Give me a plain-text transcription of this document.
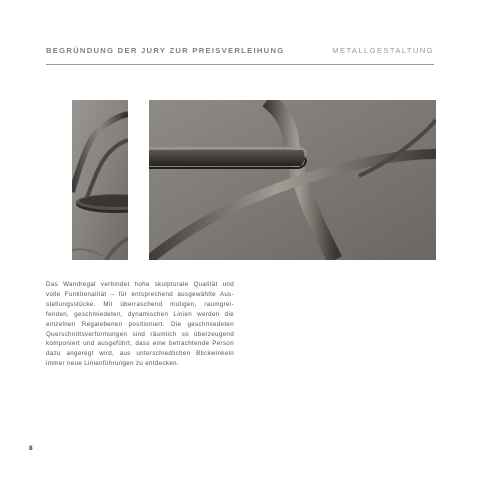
BEGRÜNDUNG DER JURY ZUR PREISVERLEIHUNG	METALLGESTALTUNG

Das Wandregal verbindet hohe skulpturale Qualität und
volle Funktionalität – für entsprechend ausgewählte Aus-
stellungsstücke. Mit überraschend mutigen, raumgrei-
fenden, geschmiedeten, dynamischen Linien werden die
einzelnen Regalebenen positioniert. Die geschmiedeten
Querschnittsverformungen sind räumlich so überzeugend
komponiert und ausgeführt, dass eine betrachtende Person
dazu angeregt wird, aus unterschiedlichen Blickwinkeln
immer neue Linienführungen zu entdecken.

8
